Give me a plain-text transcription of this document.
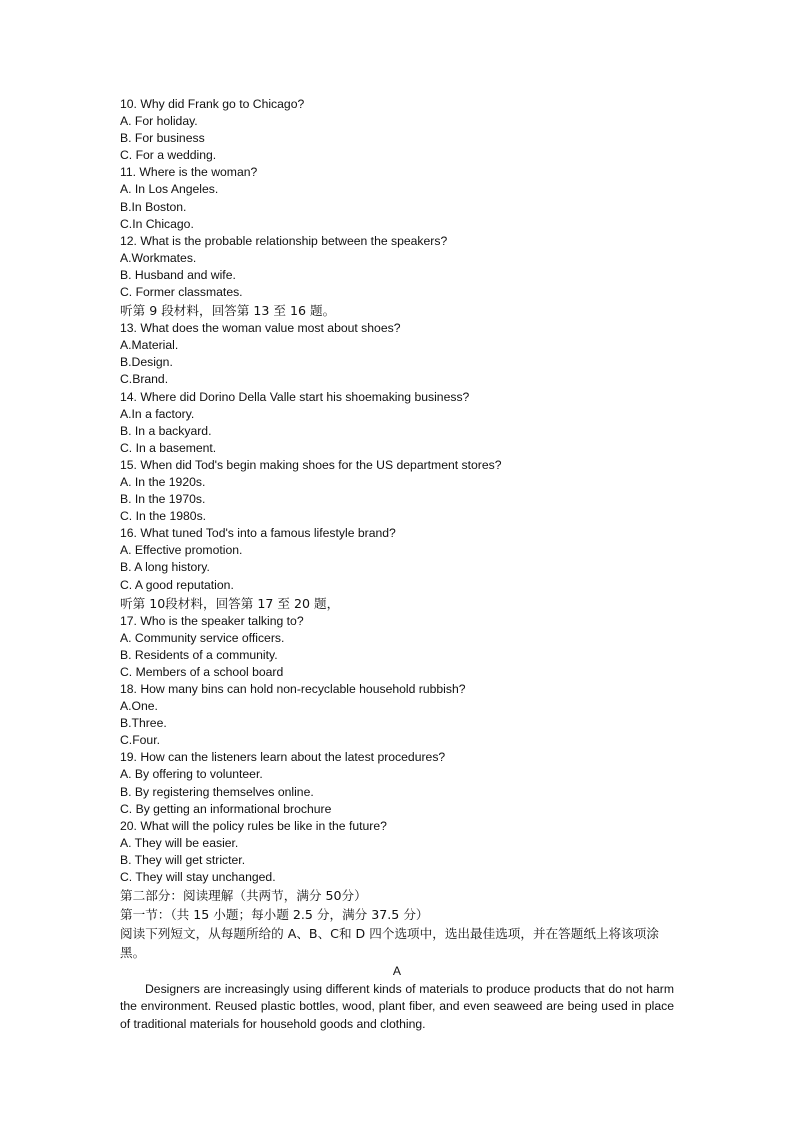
10. Why did Frank go to Chicago?
A. For holiday.
B. For business
C. For a wedding.
11. Where is the woman?
A. In Los Angeles.
B.In Boston.
C.In Chicago.
12. What is the probable relationship between the speakers?
A.Workmates.
B. Husband and wife.
C. Former classmates.
听第 9 段材料，回答第 13 至 16 题。
13. What does the woman value most about shoes?
A.Material.
B.Design.
C.Brand.
14. Where did Dorino Della Valle start his shoemaking business?
A.In a factory.
B. In a backyard.
C. In a basement.
15. When did Tod's begin making shoes for the US department stores?
A. In the 1920s.
B. In the 1970s.
C. In the 1980s.
16. What tuned Tod's into a famous lifestyle brand?
A. Effective promotion.
B. A long history.
C. A good reputation.
听第 10段材料，回答第 17 至 20 题，
17. Who is the speaker talking to?
A. Community service officers.
B. Residents of a community.
C. Members of a school board
18. How many bins can hold non-recyclable household rubbish?
A.One.
B.Three.
C.Four.
19. How can the listeners learn about the latest procedures?
A. By offering to volunteer.
B. By registering themselves online.
C. By getting an informational brochure
20. What will the policy rules be like in the future?
A. They will be easier.
B. They will get stricter.
C. They will stay unchanged.
第二部分：阅读理解（共两节，满分 50分）
第一节：（共 15 小题；每小题 2.5 分，满分 37.5 分）
阅读下列短文，从每题所给的 A、B、C和 D 四个选项中，选出最佳选项，并在答题纸上将该项涂黑。
A

Designers are increasingly using different kinds of materials to produce products that do not harm the environment. Reused plastic bottles, wood, plant fiber, and even seaweed are being used in place of traditional materials for household goods and clothing.
